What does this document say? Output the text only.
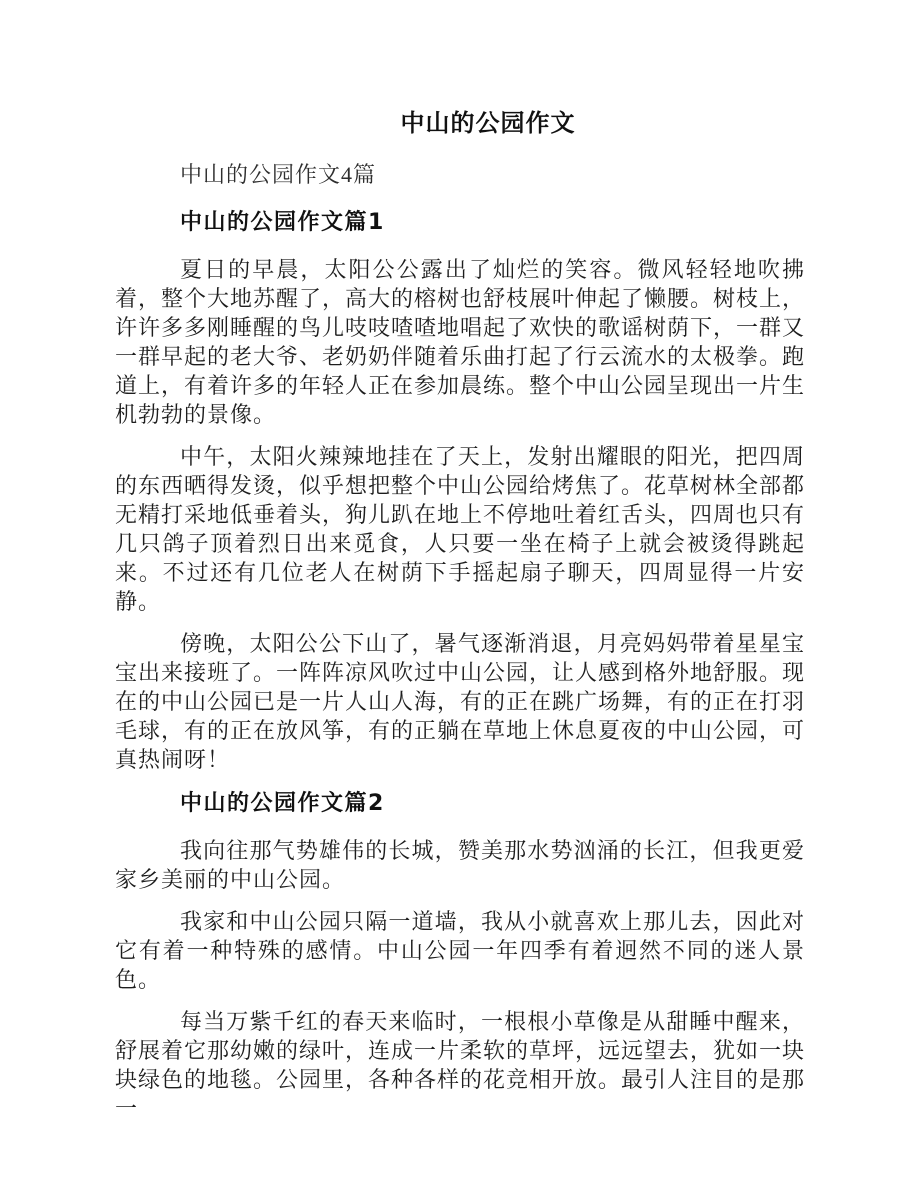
中山的公园作文

中山的公园作文4篇

中山的公园作文篇1

夏日的早晨，太阳公公露出了灿烂的笑容。微风轻轻地吹拂着，整个大地苏醒了，高大的榕树也舒枝展叶伸起了懒腰。树枝上，许许多多刚睡醒的鸟儿吱吱喳喳地唱起了欢快的歌谣树荫下，一群又一群早起的老大爷、老奶奶伴随着乐曲打起了行云流水的太极拳。跑道上，有着许多的年轻人正在参加晨练。整个中山公园呈现出一片生机勃勃的景像。

中午，太阳火辣辣地挂在了天上，发射出耀眼的阳光，把四周的东西晒得发烫，似乎想把整个中山公园给烤焦了。花草树林全部都无精打采地低垂着头，狗儿趴在地上不停地吐着红舌头，四周也只有几只鸽子顶着烈日出来觅食，人只要一坐在椅子上就会被烫得跳起来。不过还有几位老人在树荫下手摇起扇子聊天，四周显得一片安静。

傍晚，太阳公公下山了，暑气逐渐消退，月亮妈妈带着星星宝宝出来接班了。一阵阵凉风吹过中山公园，让人感到格外地舒服。现在的中山公园已是一片人山人海，有的正在跳广场舞，有的正在打羽毛球，有的正在放风筝，有的正躺在草地上休息夏夜的中山公园，可真热闹呀！

中山的公园作文篇2

我向往那气势雄伟的长城，赞美那水势汹涌的长江，但我更爱家乡美丽的中山公园。

我家和中山公园只隔一道墙，我从小就喜欢上那儿去，因此对它有着一种特殊的感情。中山公园一年四季有着迥然不同的迷人景色。

每当万紫千红的春天来临时，一根根小草像是从甜睡中醒来，舒展着它那幼嫩的绿叶，连成一片柔软的草坪，远远望去，犹如一块块绿色的地毯。公园里，各种各样的花竞相开放。最引人注目的是那一
